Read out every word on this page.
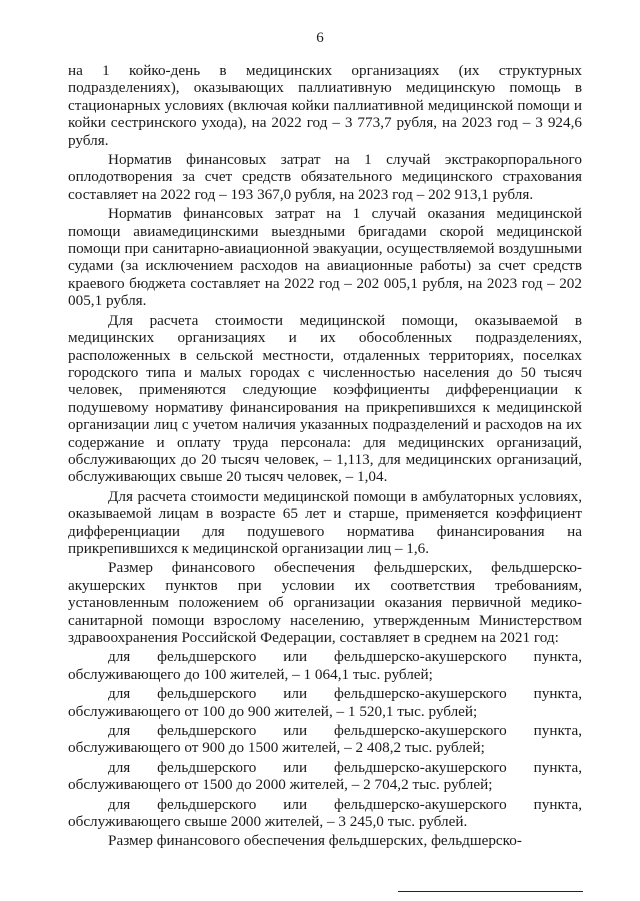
6

на 1 койко-день в медицинских организациях (их структурных подразделениях), оказывающих паллиативную медицинскую помощь в стационарных условиях (включая койки паллиативной медицинской помощи и койки сестринского ухода), на 2022 год – 3 773,7 рубля, на 2023 год – 3 924,6 рубля.

Норматив финансовых затрат на 1 случай экстракорпорального оплодотворения за счет средств обязательного медицинского страхования составляет на 2022 год – 193 367,0 рубля, на 2023 год – 202 913,1 рубля.

Норматив финансовых затрат на 1 случай оказания медицинской помощи авиамедицинскими выездными бригадами скорой медицинской помощи при санитарно-авиационной эвакуации, осуществляемой воздушными судами (за исключением расходов на авиационные работы) за счет средств краевого бюджета составляет на 2022 год – 202 005,1 рубля, на 2023 год – 202 005,1 рубля.

Для расчета стоимости медицинской помощи, оказываемой в медицинских организациях и их обособленных подразделениях, расположенных в сельской местности, отдаленных территориях, поселках городского типа и малых городах с численностью населения до 50 тысяч человек, применяются следующие коэффициенты дифференциации к подушевому нормативу финансирования на прикрепившихся к медицинской организации лиц с учетом наличия указанных подразделений и расходов на их содержание и оплату труда персонала: для медицинских организаций, обслуживающих до 20 тысяч человек, – 1,113, для медицинских организаций, обслуживающих свыше 20 тысяч человек, – 1,04.

Для расчета стоимости медицинской помощи в амбулаторных условиях, оказываемой лицам в возрасте 65 лет и старше, применяется коэффициент дифференциации для подушевого норматива финансирования на прикрепившихся к медицинской организации лиц – 1,6.

Размер финансового обеспечения фельдшерских, фельдшерско-акушерских пунктов при условии их соответствия требованиям, установленным положением об организации оказания первичной медико-санитарной помощи взрослому населению, утвержденным Министерством здравоохранения Российской Федерации, составляет в среднем на 2021 год:

для фельдшерского или фельдшерско-акушерского пункта, обслуживающего до 100 жителей, – 1 064,1 тыс. рублей;

для фельдшерского или фельдшерско-акушерского пункта, обслуживающего от 100 до 900 жителей, – 1 520,1 тыс. рублей;

для фельдшерского или фельдшерско-акушерского пункта, обслуживающего от 900 до 1500 жителей, – 2 408,2 тыс. рублей;

для фельдшерского или фельдшерско-акушерского пункта, обслуживающего от 1500 до 2000 жителей, – 2 704,2 тыс. рублей;

для фельдшерского или фельдшерско-акушерского пункта, обслуживающего свыше 2000 жителей, – 3 245,0 тыс. рублей.

Размер финансового обеспечения фельдшерских, фельдшерско-
